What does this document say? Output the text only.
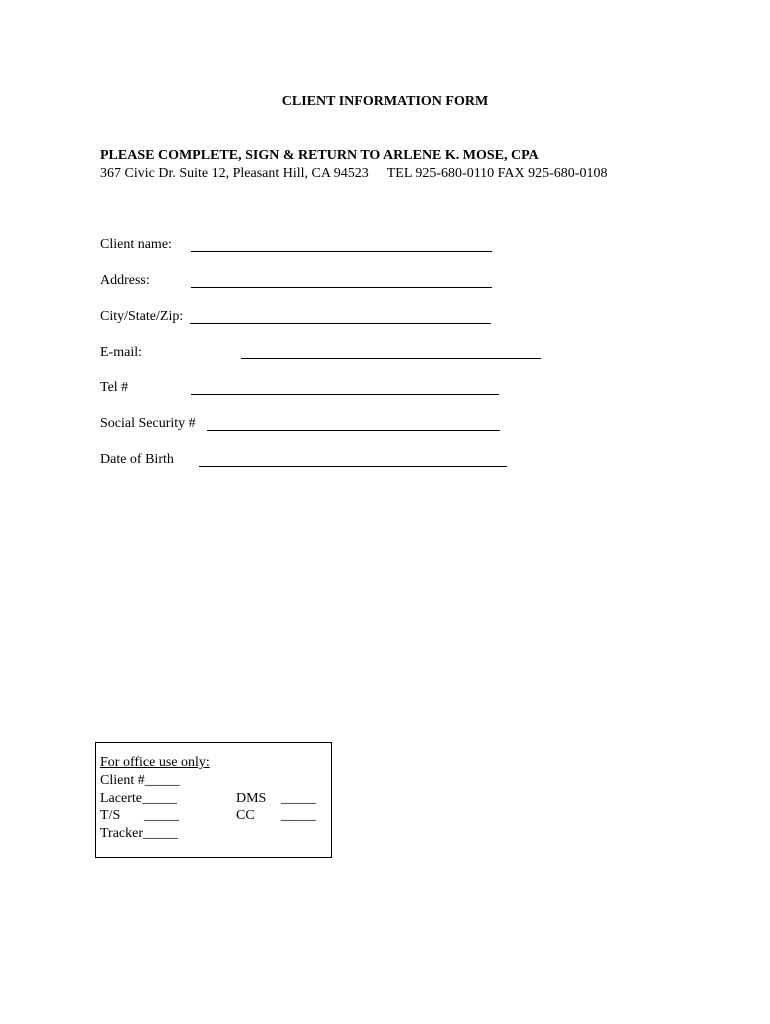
CLIENT INFORMATION FORM
PLEASE COMPLETE, SIGN & RETURN TO ARLENE K. MOSE, CPA
367 Civic Dr. Suite 12, Pleasant Hill, CA 94523 TEL 925-680-0110 FAX 925-680-0108
Client name:
Address:
City/State/Zip:
E-mail:
Tel #
Social Security #
Date of Birth
For office use only:
Client #_____
Lacerte_____
T/S _____
Tracker_____
DMS _____
CC _____
